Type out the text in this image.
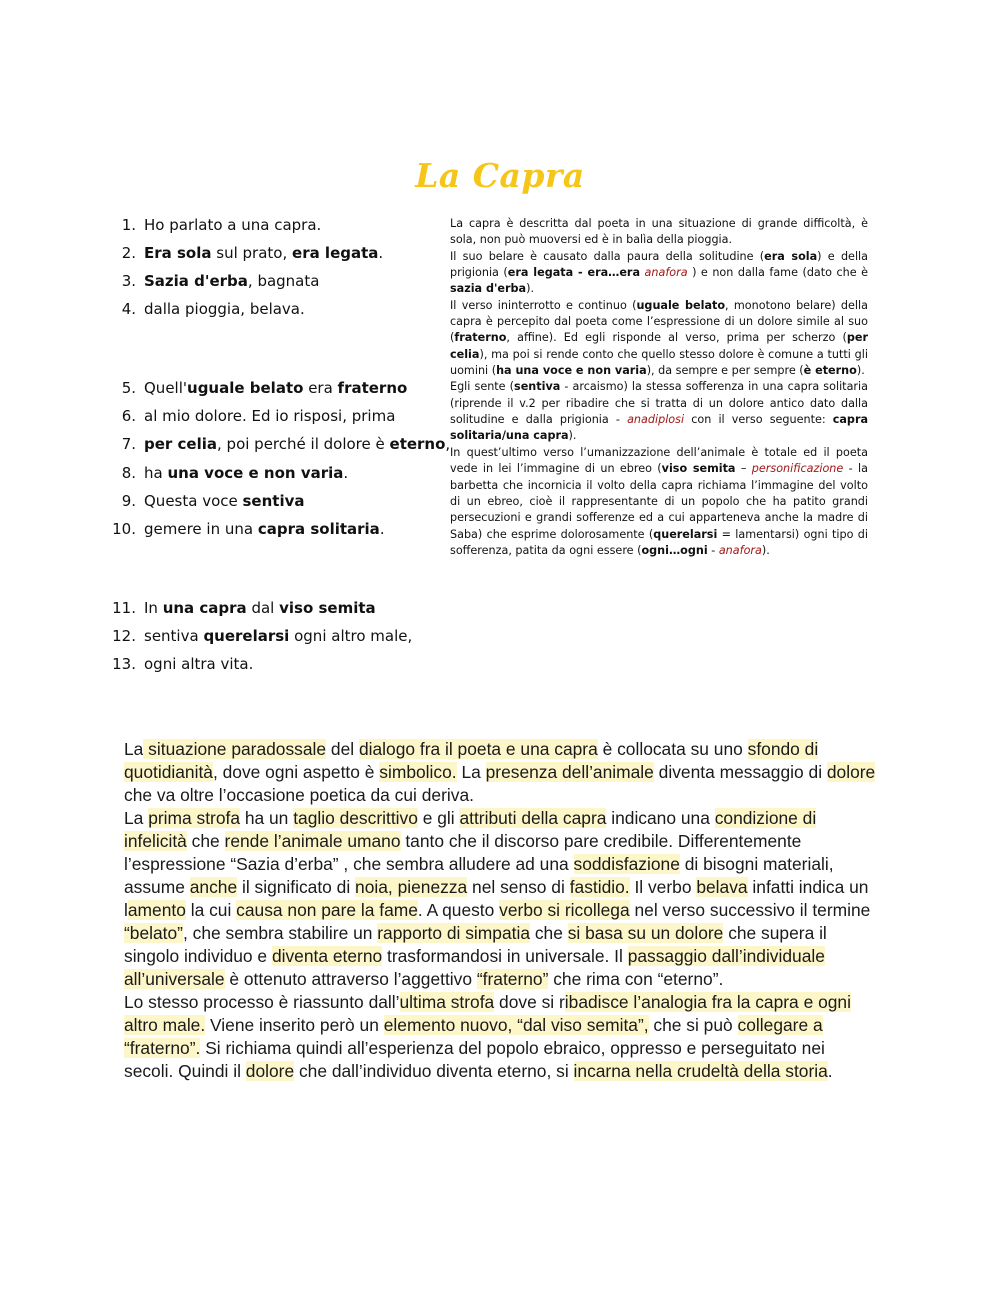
La Capra
1. Ho parlato a una capra.
2. Era sola sul prato, era legata.
3. Sazia d'erba, bagnata
4. dalla pioggia, belava.
5. Quell'uguale belato era fraterno
6. al mio dolore. Ed io risposi, prima
7. per celia, poi perché il dolore è eterno,
8. ha una voce e non varia.
9. Questa voce sentiva
10. gemere in una capra solitaria.
11. In una capra dal viso semita
12. sentiva querelarsi ogni altro male,
13. ogni altra vita.

La capra è descritta dal poeta in una situazione di grande difficoltà, è sola, non può muoversi ed è in balìa della pioggia.

Il suo belare è causato dalla paura della solitudine (era sola) e della prigionia (era legata - era…era anafora ) e non dalla fame (dato che è sazia d'erba).

Il verso ininterrotto e continuo (uguale belato, monotono belare) della capra è percepito dal poeta come l’espressione di un dolore simile al suo (fraterno, affine). Ed egli risponde al verso, prima per scherzo (per celia), ma poi si rende conto che quello stesso dolore è comune a tutti gli uomini (ha una voce e non varia), da sempre e per sempre (è eterno).

Egli sente (sentiva - arcaismo) la stessa sofferenza in una capra solitaria (riprende il v.2 per ribadire che si tratta di un dolore antico dato dalla solitudine e dalla prigionia - anadiplosi con il verso seguente: capra solitaria/una capra).

In quest’ultimo verso l’umanizzazione dell’animale è totale ed il poeta vede in lei l’immagine di un ebreo (viso semita – personificazione - la barbetta che incornicia il volto della capra richiama l’immagine del volto di un ebreo, cioè il rappresentante di un popolo che ha patito grandi persecuzioni e grandi sofferenze ed a cui apparteneva anche la madre di Saba) che esprime dolorosamente (querelarsi = lamentarsi) ogni tipo di sofferenza, patita da ogni essere (ogni…ogni - anafora).

La situazione paradossale del dialogo fra il poeta e una capra è collocata su uno sfondo di quotidianità, dove ogni aspetto è simbolico. La presenza dell’animale diventa messaggio di dolore che va oltre l’occasione poetica da cui deriva.

La prima strofa ha un taglio descrittivo e gli attributi della capra indicano una condizione di infelicità che rende l’animale umano tanto che il discorso pare credibile. Differentemente l’espressione “Sazia d’erba” , che sembra alludere ad una soddisfazione di bisogni materiali, assume anche il significato di noia, pienezza nel senso di fastidio. Il verbo belava infatti indica un lamento la cui causa non pare la fame. A questo verbo si ricollega nel verso successivo il termine “belato”, che sembra stabilire un rapporto di simpatia che si basa su un dolore che supera il singolo individuo e diventa eterno trasformandosi in universale. Il passaggio dall’individuale all’universale è ottenuto attraverso l’aggettivo “fraterno” che rima con “eterno”.

Lo stesso processo è riassunto dall’ultima strofa dove si ribadisce l’analogia fra la capra e ogni altro male. Viene inserito però un elemento nuovo, “dal viso semita”, che si può collegare a “fraterno”. Si richiama quindi all’esperienza del popolo ebraico, oppresso e perseguitato nei secoli. Quindi il dolore che dall’individuo diventa eterno, si incarna nella crudeltà della storia.
